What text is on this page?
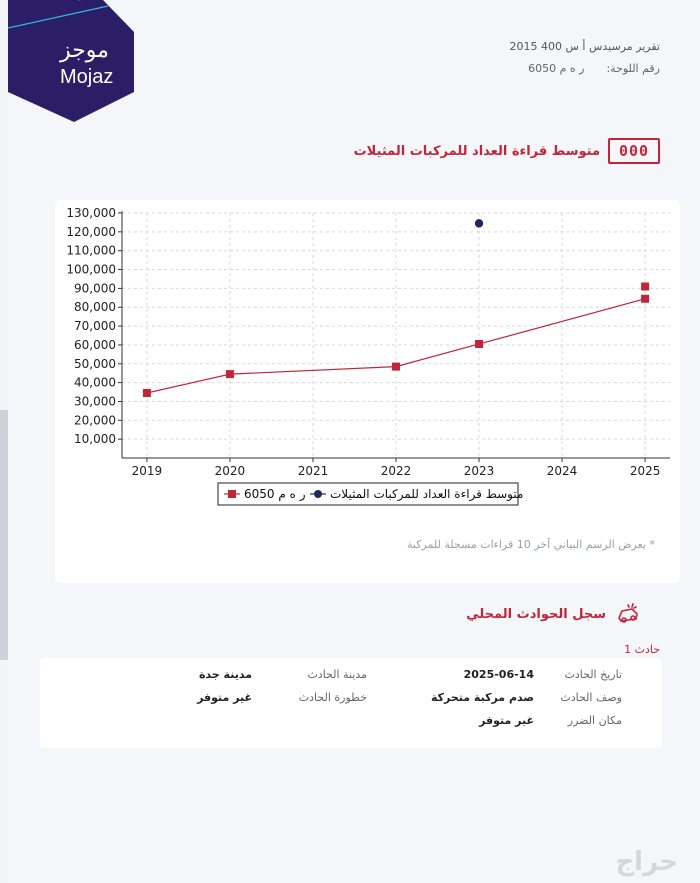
موجز
Mojaz
تقرير مرسيدس أ س 400 2015
رقم اللوحة:
ر ه م 6050
000
متوسط قراءة العداد للمركبات المثيلات
2019	2020	2021	2022	2023	2024	2025
10,000
20,000
30,000
40,000
50,000
60,000
70,000
80,000
90,000
100,000
110,000
120,000
130,000
ر ه م 6050 متوسط قراءة العداد للمركبات المثيلات
* يعرض الرسم البياني آخر 10 قراءات مسجلة للمركبة
سجل الحوادث المحلي
حادث 1
تاريخ الحادث
2025-06-14
مدينة الحادث
مدينة جدة
وصف الحادث
صدم مركبة متحركة
خطورة الحادث
غير متوفر
مكان الضرر
غير متوفر
حراج
